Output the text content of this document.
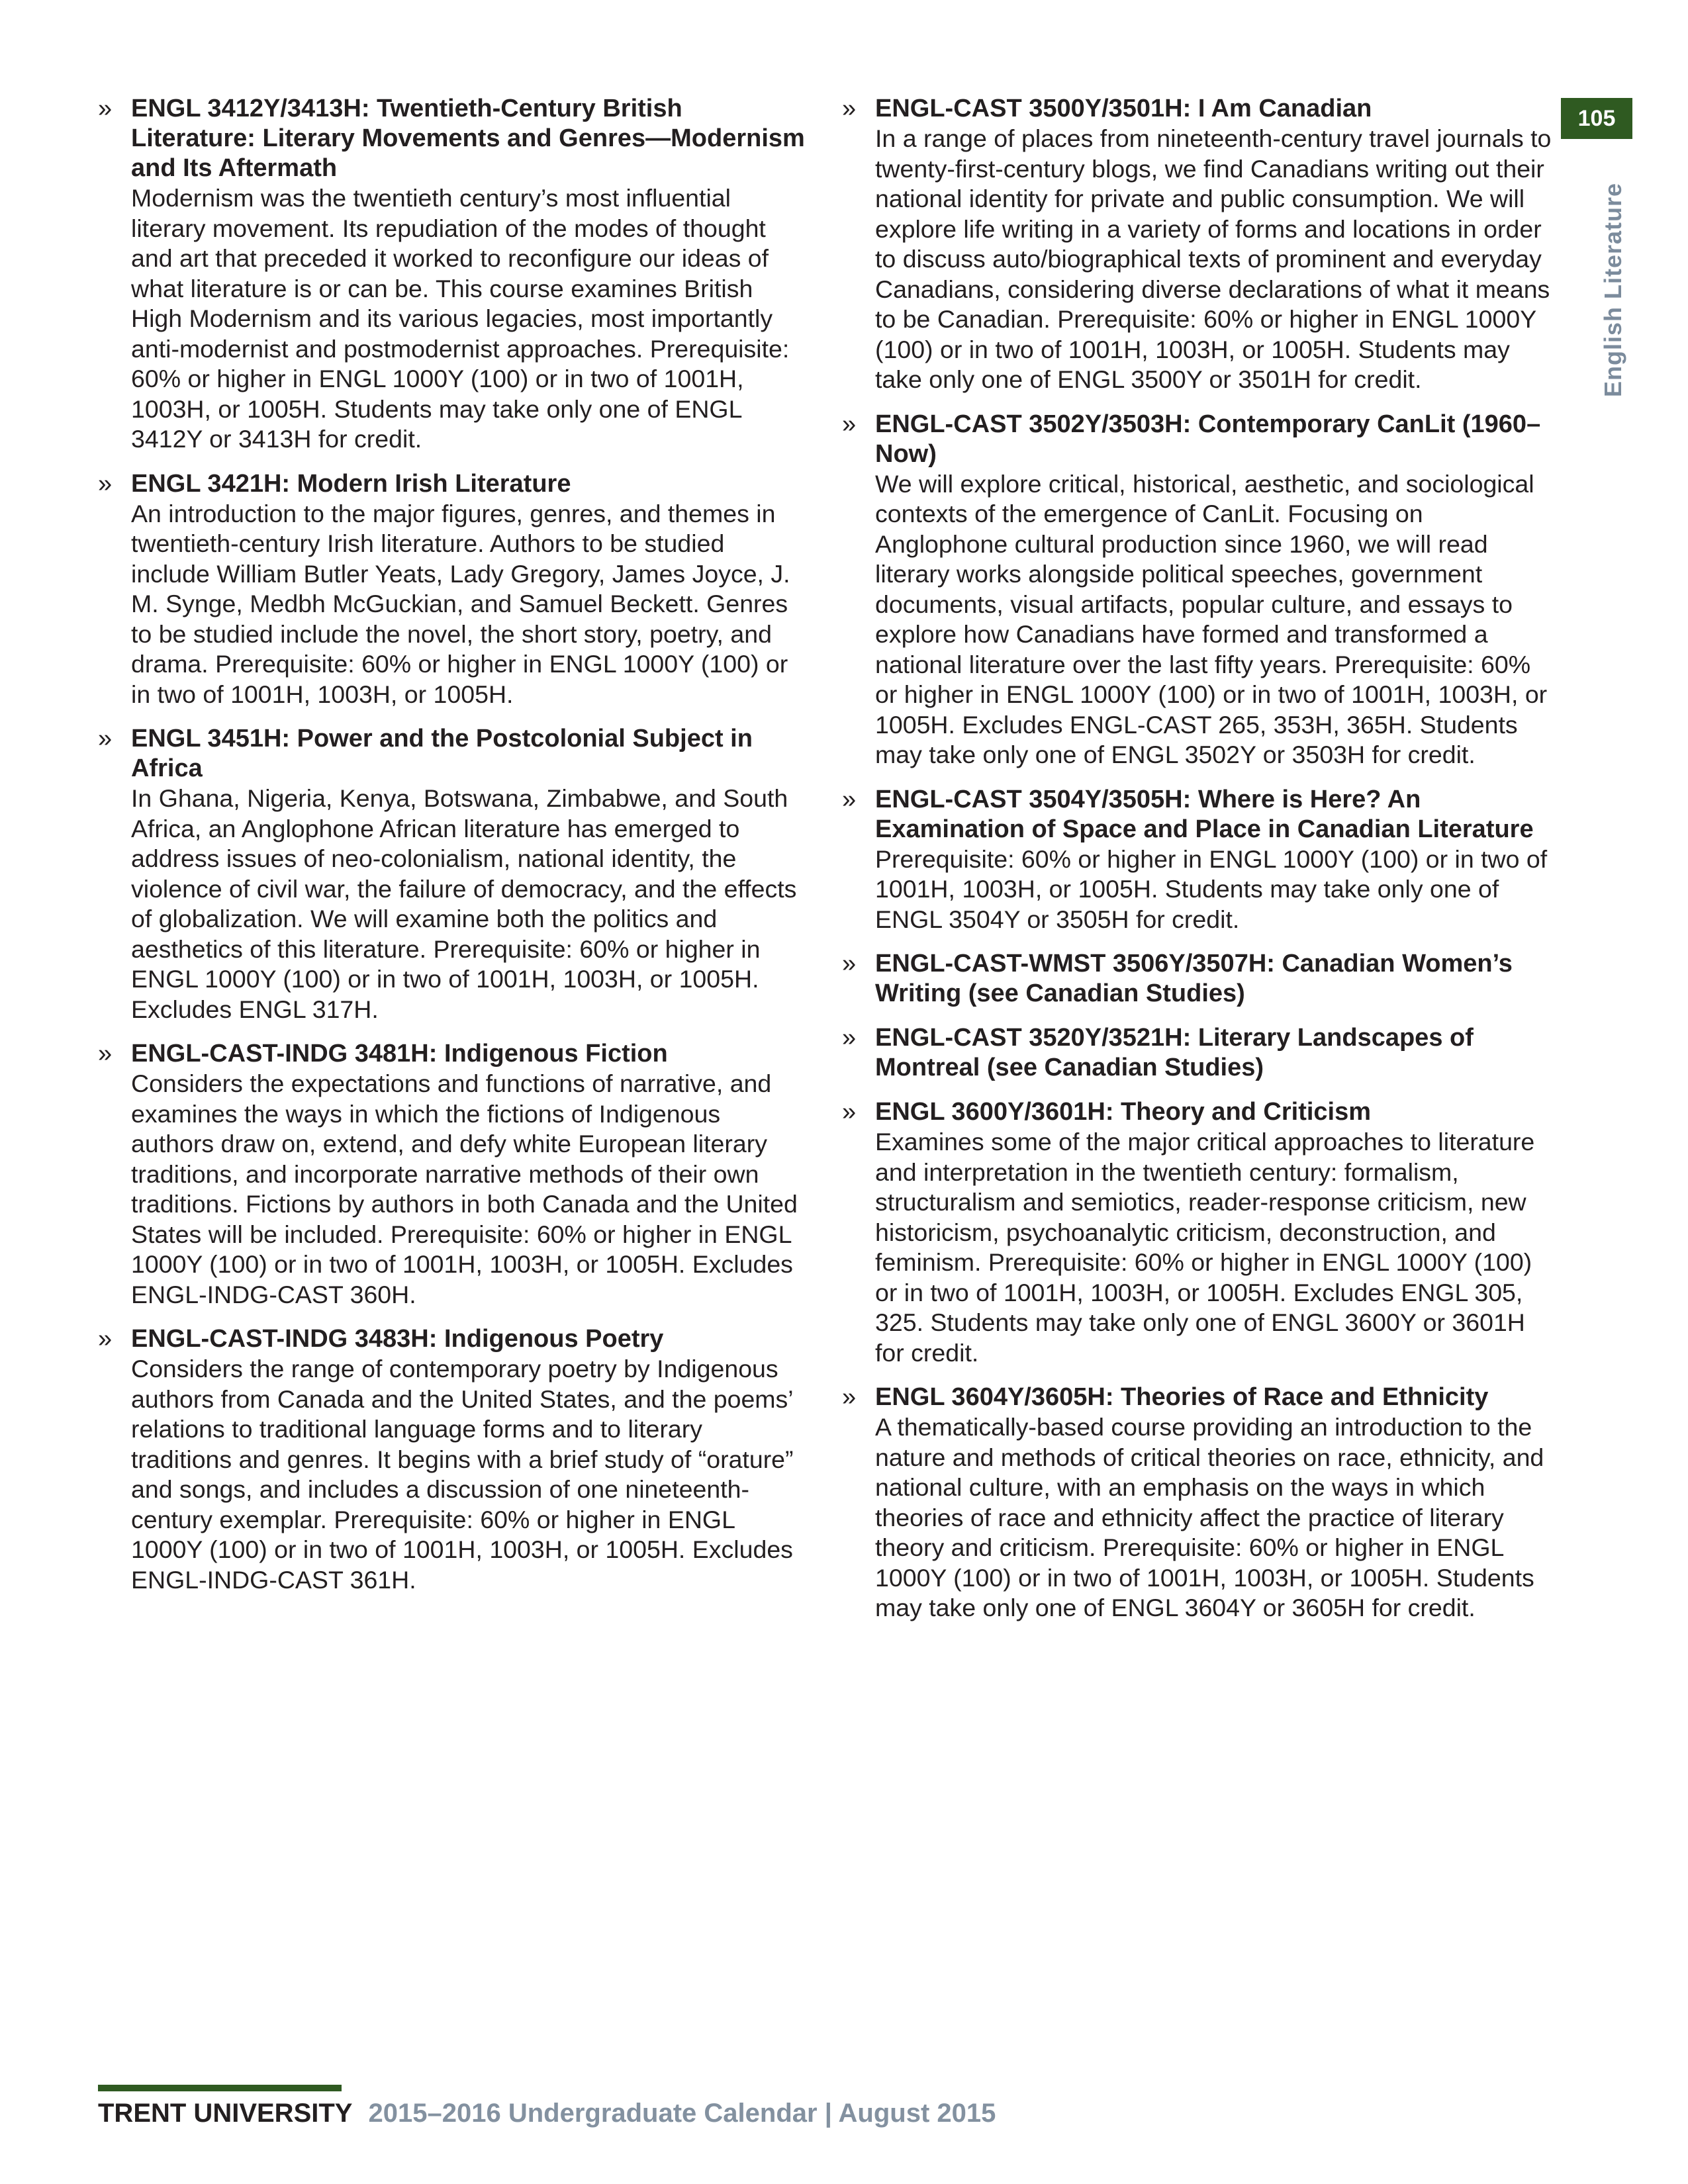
» ENGL 3412Y/3413H: Twentieth-Century British Literature: Literary Movements and Genres—Modernism and Its Aftermath

Modernism was the twentieth century’s most influential literary movement. Its repudiation of the modes of thought and art that preceded it worked to reconfigure our ideas of what literature is or can be. This course examines British High Modernism and its various legacies, most importantly anti-modernist and postmodernist approaches. Prerequisite: 60% or higher in ENGL 1000Y (100) or in two of 1001H, 1003H, or 1005H. Students may take only one of ENGL 3412Y or 3413H for credit.

» ENGL 3421H: Modern Irish Literature

An introduction to the major figures, genres, and themes in twentieth-century Irish literature. Authors to be studied include William Butler Yeats, Lady Gregory, James Joyce, J. M. Synge, Medbh McGuckian, and Samuel Beckett. Genres to be studied include the novel, the short story, poetry, and drama. Prerequisite: 60% or higher in ENGL 1000Y (100) or in two of 1001H, 1003H, or 1005H.

» ENGL 3451H: Power and the Postcolonial Subject in Africa

In Ghana, Nigeria, Kenya, Botswana, Zimbabwe, and South Africa, an Anglophone African literature has emerged to address issues of neo-colonialism, national identity, the violence of civil war, the failure of democracy, and the effects of globalization. We will examine both the politics and aesthetics of this literature. Prerequisite: 60% or higher in ENGL 1000Y (100) or in two of 1001H, 1003H, or 1005H. Excludes ENGL 317H.

» ENGL-CAST-INDG 3481H: Indigenous Fiction

Considers the expectations and functions of narrative, and examines the ways in which the fictions of Indigenous authors draw on, extend, and defy white European literary traditions, and incorporate narrative methods of their own traditions. Fictions by authors in both Canada and the United States will be included. Prerequisite: 60% or higher in ENGL 1000Y (100) or in two of 1001H, 1003H, or 1005H. Excludes ENGL-INDG-CAST 360H.

» ENGL-CAST-INDG 3483H: Indigenous Poetry

Considers the range of contemporary poetry by Indigenous authors from Canada and the United States, and the poems’ relations to traditional language forms and to literary traditions and genres. It begins with a brief study of “orature” and songs, and includes a discussion of one nineteenth-century exemplar. Prerequisite: 60% or higher in ENGL 1000Y (100) or in two of 1001H, 1003H, or 1005H. Excludes ENGL-INDG-CAST 361H.

» ENGL-CAST 3500Y/3501H: I Am Canadian

In a range of places from nineteenth-century travel journals to twenty-first-century blogs, we find Canadians writing out their national identity for private and public consumption. We will explore life writing in a variety of forms and locations in order to discuss auto/biographical texts of prominent and everyday Canadians, considering diverse declarations of what it means to be Canadian. Prerequisite: 60% or higher in ENGL 1000Y (100) or in two of 1001H, 1003H, or 1005H. Students may take only one of ENGL 3500Y or 3501H for credit.

» ENGL-CAST 3502Y/3503H: Contemporary CanLit (1960–Now)

We will explore critical, historical, aesthetic, and sociological contexts of the emergence of CanLit. Focusing on Anglophone cultural production since 1960, we will read literary works alongside political speeches, government documents, visual artifacts, popular culture, and essays to explore how Canadians have formed and transformed a national literature over the last fifty years. Prerequisite: 60% or higher in ENGL 1000Y (100) or in two of 1001H, 1003H, or 1005H. Excludes ENGL-CAST 265, 353H, 365H. Students may take only one of ENGL 3502Y or 3503H for credit.

» ENGL-CAST 3504Y/3505H: Where is Here? An Examination of Space and Place in Canadian Literature

Prerequisite: 60% or higher in ENGL 1000Y (100) or in two of 1001H, 1003H, or 1005H. Students may take only one of ENGL 3504Y or 3505H for credit.

» ENGL-CAST-WMST 3506Y/3507H: Canadian Women’s Writing (see Canadian Studies)

» ENGL-CAST 3520Y/3521H: Literary Landscapes of Montreal (see Canadian Studies)

» ENGL 3600Y/3601H: Theory and Criticism

Examines some of the major critical approaches to literature and interpretation in the twentieth century: formalism, structuralism and semiotics, reader-response criticism, new historicism, psychoanalytic criticism, deconstruction, and feminism. Prerequisite: 60% or higher in ENGL 1000Y (100) or in two of 1001H, 1003H, or 1005H. Excludes ENGL 305, 325. Students may take only one of ENGL 3600Y or 3601H for credit.

» ENGL 3604Y/3605H: Theories of Race and Ethnicity

A thematically-based course providing an introduction to the nature and methods of critical theories on race, ethnicity, and national culture, with an emphasis on the ways in which theories of race and ethnicity affect the practice of literary theory and criticism. Prerequisite: 60% or higher in ENGL 1000Y (100) or in two of 1001H, 1003H, or 1005H. Students may take only one of ENGL 3604Y or 3605H for credit.

105
English Literature
TRENT UNIVERSITY 2015–2016 Undergraduate Calendar | August 2015
